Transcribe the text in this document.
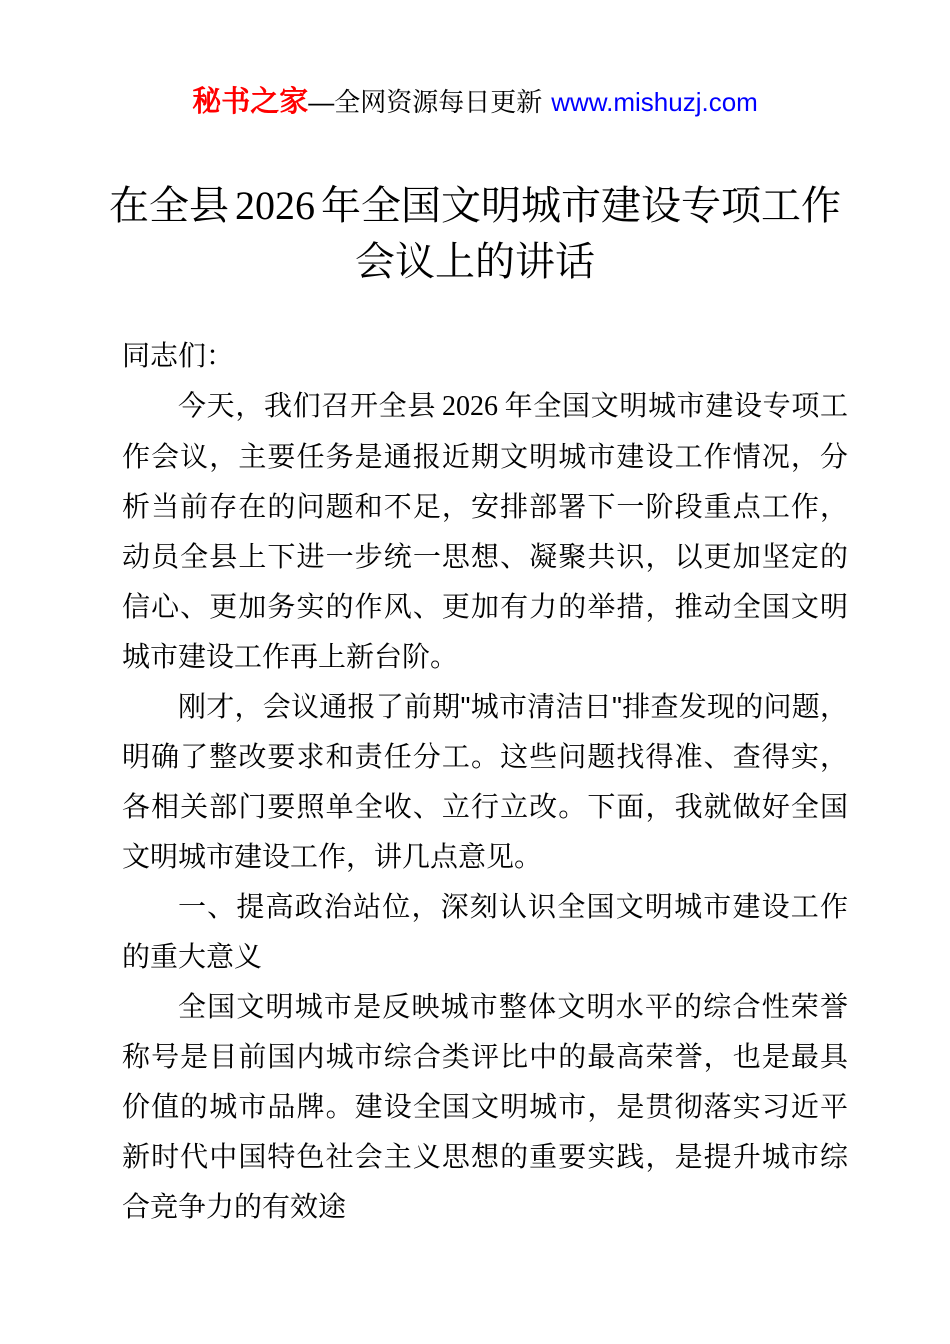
秘书之家—全网资源每日更新 www.mishuzj.com
在全县 2026 年全国文明城市建设专项工作
会议上的讲话

同志们：

今天，我们召开全县 2026 年全国文明城市建设专项工作会议，主要任务是通报近期文明城市建设工作情况，分析当前存在的问题和不足，安排部署下一阶段重点工作，动员全县上下进一步统一思想、凝聚共识，以更加坚定的信心、更加务实的作风、更加有力的举措，推动全国文明城市建设工作再上新台阶。

刚才，会议通报了前期"城市清洁日"排查发现的问题，明确了整改要求和责任分工。这些问题找得准、查得实，各相关部门要照单全收、立行立改。下面，我就做好全国文明城市建设工作，讲几点意见。

一、提高政治站位，深刻认识全国文明城市建设工作的重大意义

全国文明城市是反映城市整体文明水平的综合性荣誉称号是目前国内城市综合类评比中的最高荣誉，也是最具价值的城市品牌。建设全国文明城市，是贯彻落实习近平新时代中国特色社会主义思想的重要实践，是提升城市综合竞争力的有效途
